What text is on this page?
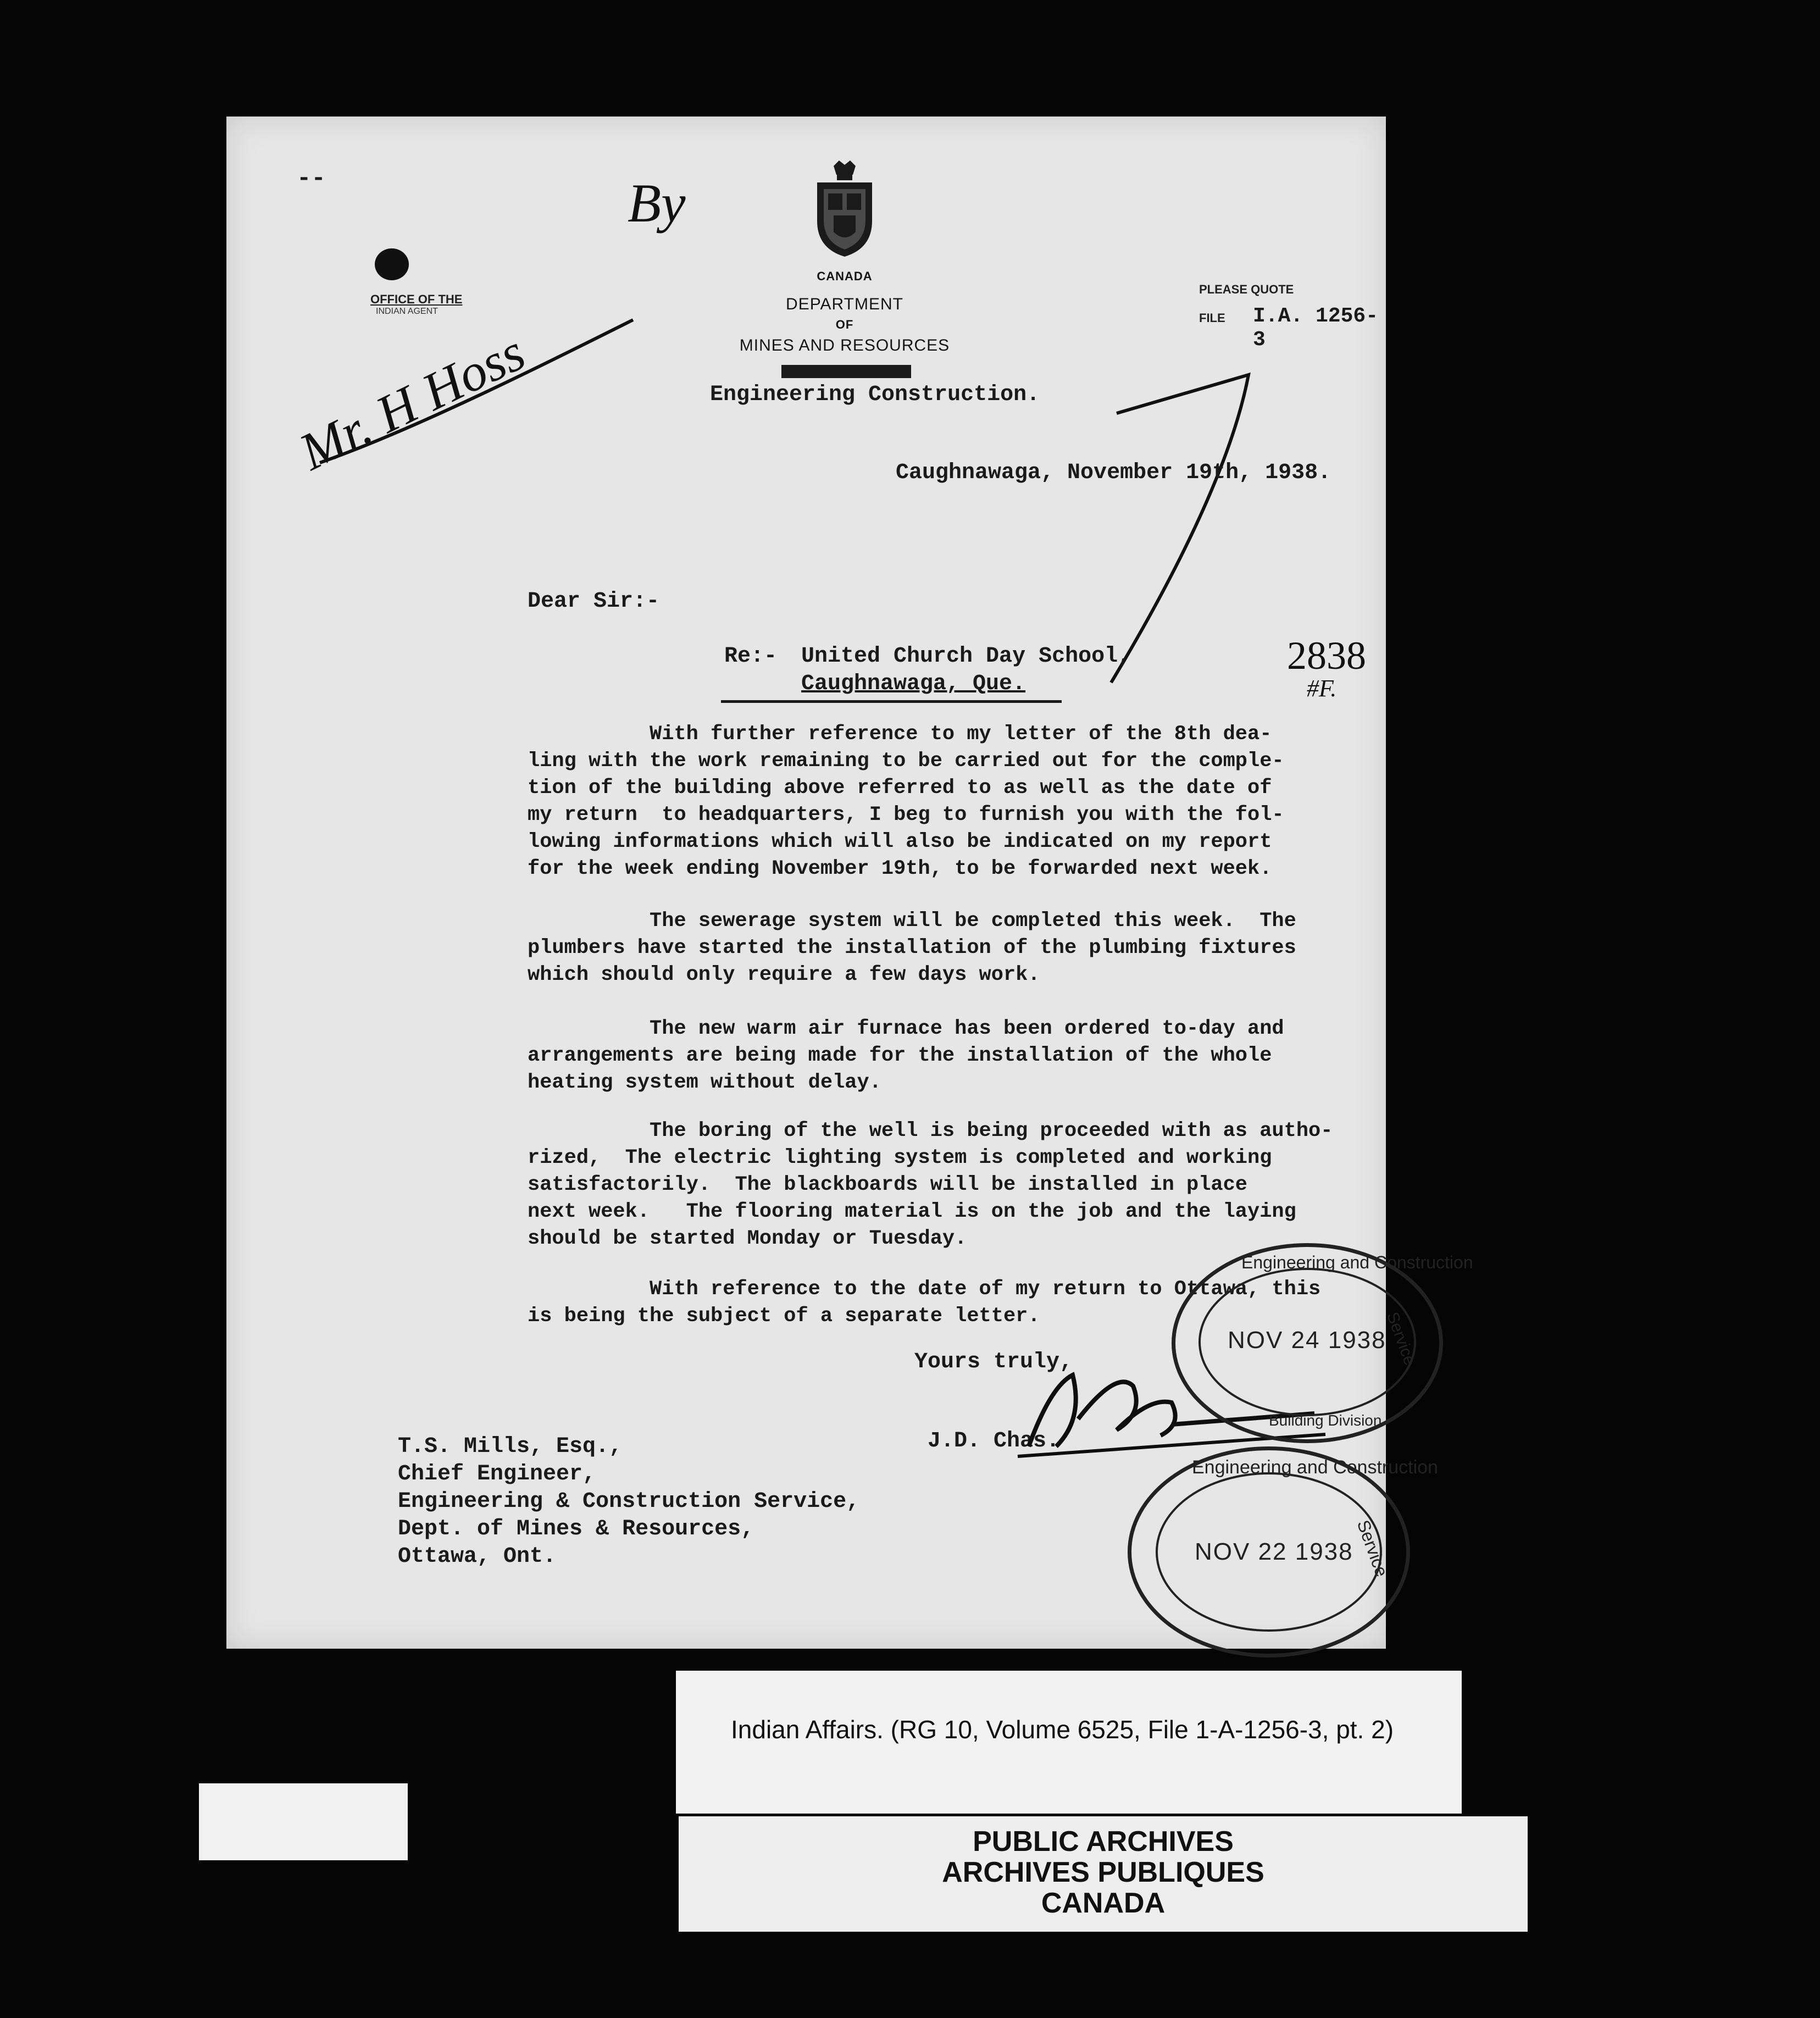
--
OFFICE OF THE
INDIAN AGENT
By
Mr. H Hoss
CANADA
DEPARTMENT
OF
MINES AND RESOURCES
Engineering Construction.
PLEASE QUOTE
FILE I.A. 1256-3
Caughnawaga, November 19th, 1938.
Dear Sir:-
Re:- United Church Day School,
Caughnawaga, Que.
2838
#F.
With further reference to my letter of the 8th dea-
ling with the work remaining to be carried out for the comple-
tion of the building above referred to as well as the date of
my return  to headquarters, I beg to furnish you with the fol-
lowing informations which will also be indicated on my report
for the week ending November 19th, to be forwarded next week.
The sewerage system will be completed this week.  The
plumbers have started the installation of the plumbing fixtures
which should only require a few days work.
The new warm air furnace has been ordered to-day and
arrangements are being made for the installation of the whole
heating system without delay.
The boring of the well is being proceeded with as autho-
rized,  The electric lighting system is completed and working
satisfactorily.  The blackboards will be installed in place
next week.   The flooring material is on the job and the laying
should be started Monday or Tuesday.
With reference to the date of my return to Ottawa, this
is being the subject of a separate letter.
Yours truly,
J.D. Chas.
T.S. Mills, Esq.,
Chief Engineer,
Engineering & Construction Service,
Dept. of Mines & Resources,
Ottawa, Ont.
Engineering and Construction
Service
Building Division
NOV 24 1938
Engineering and Construction
Service
NOV 22 1938
Indian Affairs. (RG 10, Volume 6525, File 1-A-1256-3, pt. 2)
PUBLIC ARCHIVES
ARCHIVES PUBLIQUES
CANADA
